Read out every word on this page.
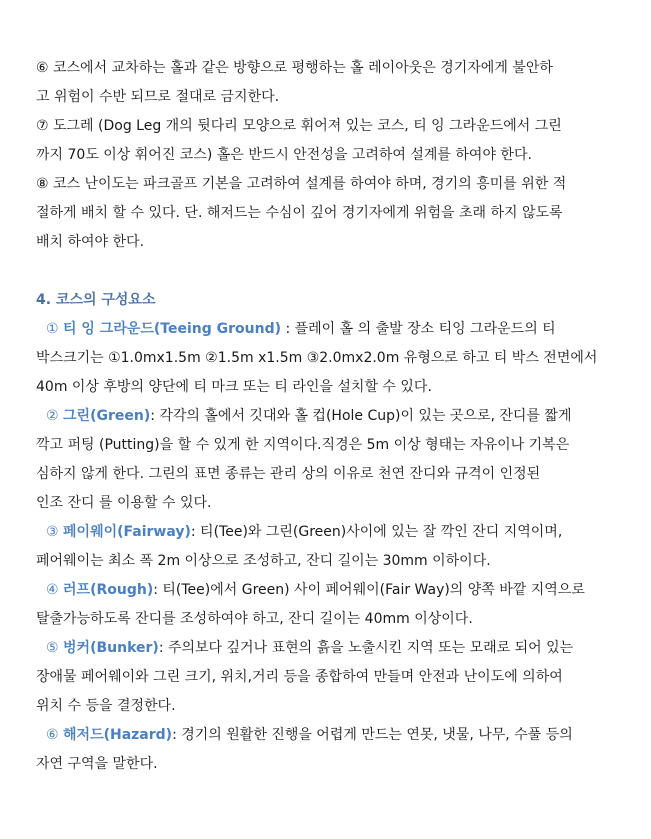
⑥ 코스에서 교차하는 홀과 같은 방향으로 평행하는 홀 레이아웃은 경기자에게 불안하
고 위험이 수반 되므로 절대로 금지한다.

⑦ 도그레 (Dog Leg 개의 뒷다리 모양으로 휘어져 있는 코스, 티 잉 그라운드에서 그린
까지 70도 이상 휘어진 코스) 홀은 반드시 안전성을 고려하여 설계를 하여야 한다.

⑧ 코스 난이도는 파크골프 기본을 고려하여 설계를 하여야 하며, 경기의 흥미를 위한 적
절하게 배치 할 수 있다. 단. 해저드는 수심이 깊어 경기자에게 위험을 초래 하지 않도록
배치 하여야 한다.

4. 코스의 구성요소

① 티 잉 그라운드(Teeing Ground) : 플레이 홀 의 출발 장소 티잉 그라운드의 티
박스크기는 ①1.0mx1.5m ②1.5m x1.5m ③2.0mx2.0m 유형으로 하고 티 박스 전면에서
40m 이상 후방의 양단에 티 마크 또는 티 라인을 설치할 수 있다.

② 그린(Green): 각각의 홀에서 깃대와 홀 컵(Hole Cup)이 있는 곳으로, 잔디를 짧게
깍고 퍼팅 (Putting)을 할 수 있게 한 지역이다.직경은 5m 이상 형태는 자유이나 기복은
심하지 않게 한다. 그린의 표면 종류는 관리 상의 이유로 천연 잔디와 규격이 인정된
인조 잔디 를 이용할 수 있다.

③ 페이웨이(Fairway): 티(Tee)와 그린(Green)사이에 있는 잘 깍인 잔디 지역이며,
페어웨이는 최소 폭 2m 이상으로 조성하고, 잔디 길이는 30mm 이하이다.

④ 러프(Rough): 티(Tee)에서 Green) 사이 페어웨이(Fair Way)의 양쪽 바깥 지역으로
탈출가능하도록 잔디를 조성하여야 하고, 잔디 길이는 40mm 이상이다.

⑤ 벙커(Bunker): 주의보다 깊거나 표현의 흙을 노출시킨 지역 또는 모래로 되어 있는
장애물 페어웨이와 그린 크기, 위치,거리 등을 종합하여 만들며 안전과 난이도에 의하여
위치 수 등을 결정한다.

⑥ 해저드(Hazard): 경기의 원활한 진행을 어렵게 만드는 연못, 냇물, 나무, 수풀 등의
자연 구역을 말한다.
